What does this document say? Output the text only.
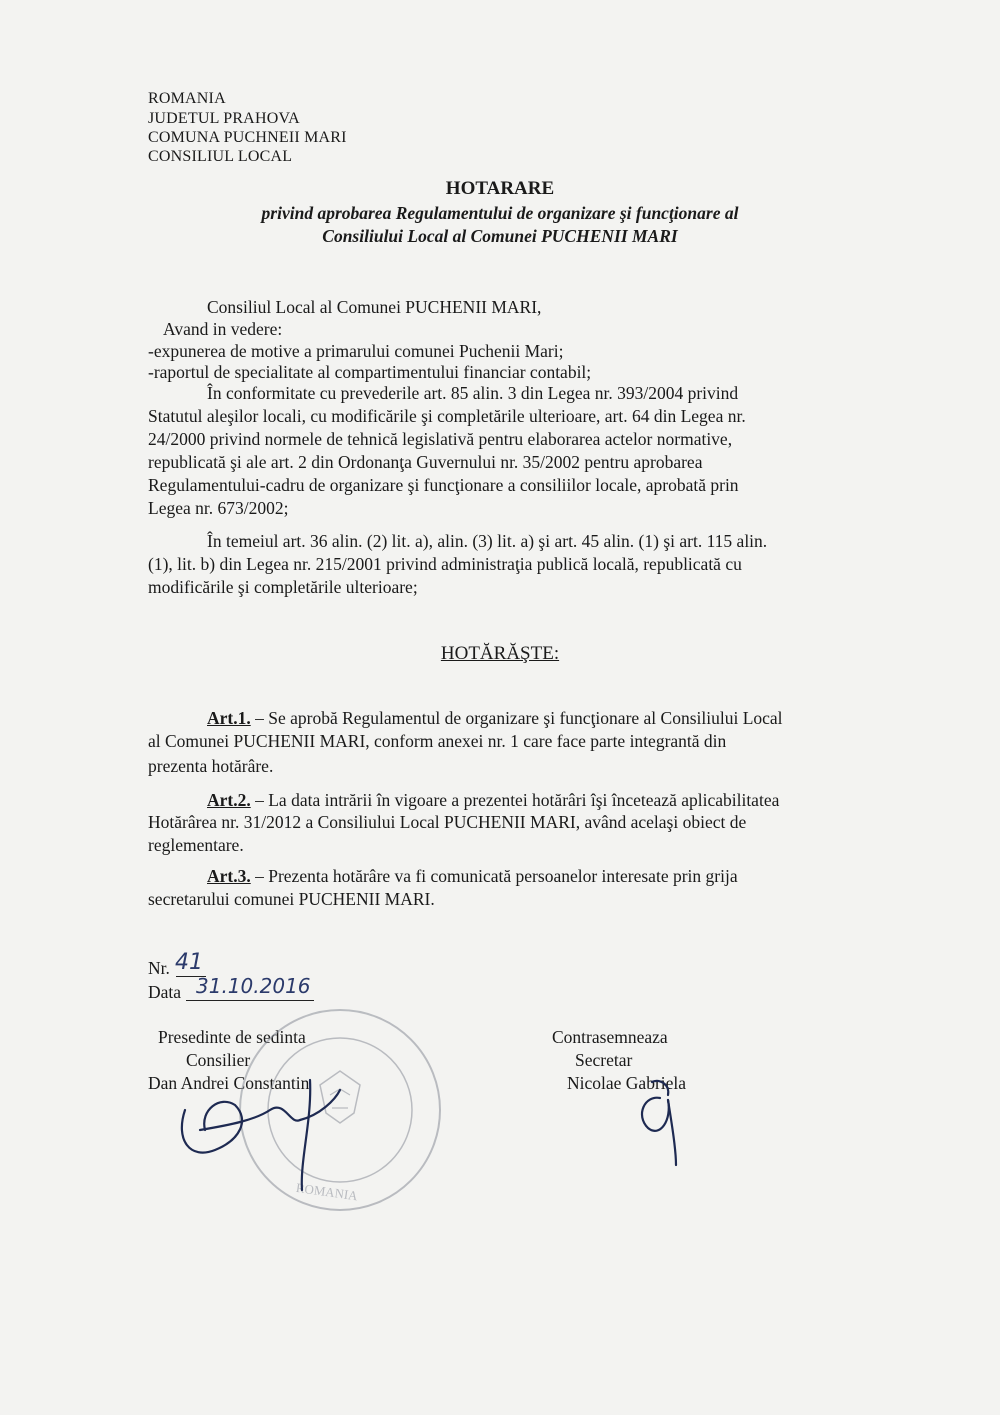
ROMANIA
JUDETUL PRAHOVA
COMUNA PUCHNEII MARI
CONSILIUL LOCAL
HOTARARE
privind aprobarea Regulamentului de organizare şi funcţionare al
Consiliului Local al Comunei PUCHENII MARI
Consiliul Local al Comunei PUCHENII MARI,
Avand in vedere:
-expunerea de motive a primarului comunei Puchenii Mari;
-raportul de specialitate al compartimentului financiar contabil;
În conformitate cu prevederile art. 85 alin. 3 din Legea nr. 393/2004 privind
Statutul aleşilor locali, cu modificările şi completările ulterioare, art. 64 din Legea nr.
24/2000 privind normele de tehnică legislativă pentru elaborarea actelor normative,
republicată şi ale art. 2 din Ordonanţa Guvernului nr. 35/2002 pentru aprobarea
Regulamentului-cadru de organizare şi funcţionare a consiliilor locale, aprobată prin
Legea nr. 673/2002;
În temeiul art. 36 alin. (2) lit. a), alin. (3) lit. a) şi art. 45 alin. (1) şi art. 115 alin.
(1), lit. b) din Legea nr. 215/2001 privind administraţia publică locală, republicată cu
modificările şi completările ulterioare;
HOTĂRĂŞTE:
Art.1. – Se aprobă Regulamentul de organizare şi funcţionare al Consiliului Local
al Comunei PUCHENII MARI, conform anexei nr. 1 care face parte integrantă din
prezenta hotărâre.
Art.2. – La data intrării în vigoare a prezentei hotărâri îşi încetează aplicabilitatea
Hotărârea nr. 31/2012 a Consiliului Local PUCHENII MARI, având acelaşi obiect de
reglementare.
Art.3. – Prezenta hotărâre va fi comunicată persoanelor interesate prin grija
secretarului comunei PUCHENII MARI.
Nr. 41
Data 31.10.2016
Presedinte de sedinta
Consilier
Dan Andrei Constantin
Contrasemneaza
Secretar
Nicolae Gabriela
ROMANIA
